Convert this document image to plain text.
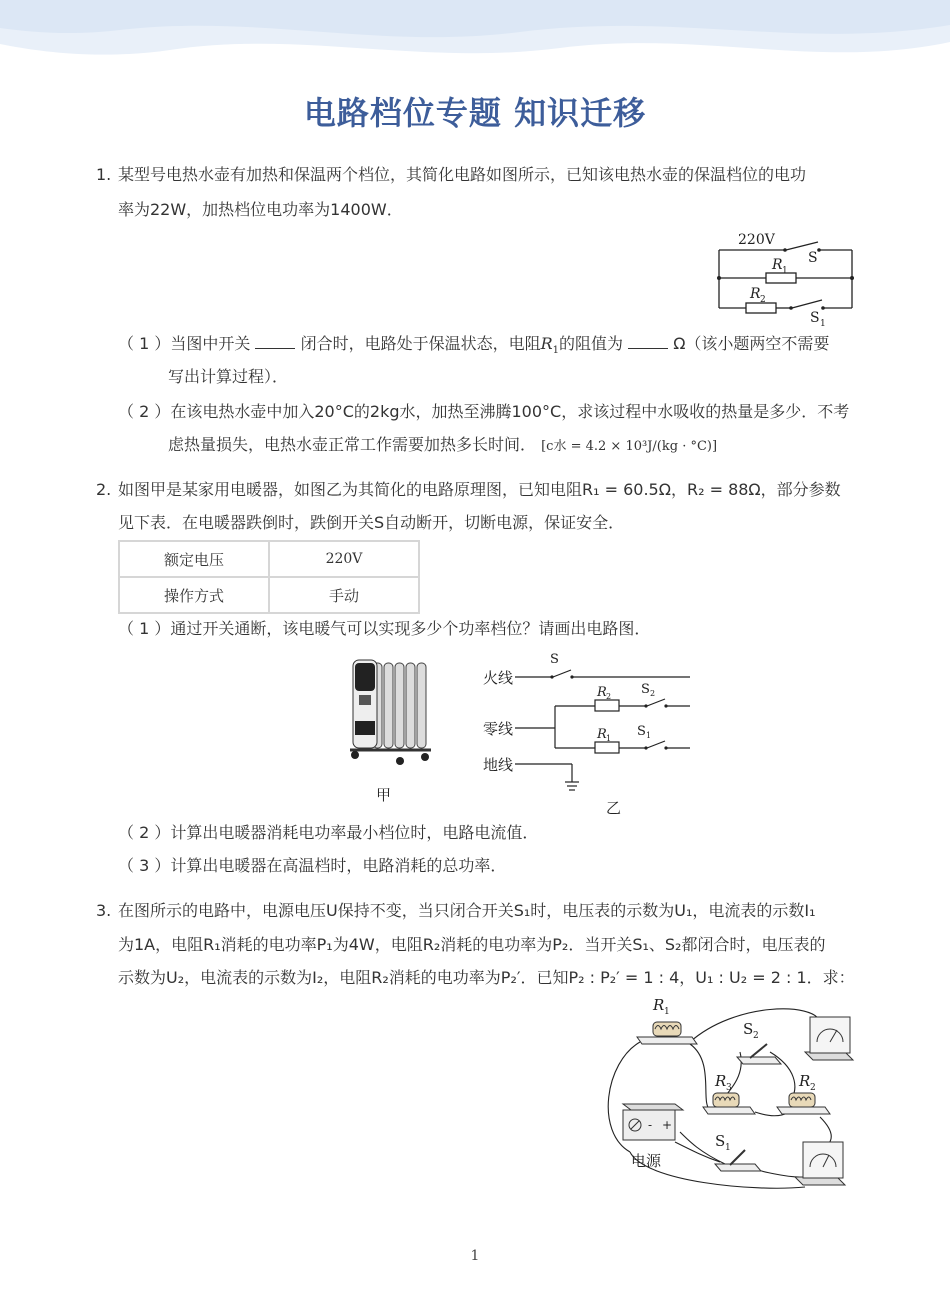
电路档位专题 知识迁移
1. 某型号电热水壶有加热和保温两个档位，其简化电路如图所示，已知该电热水壶的保温档位的电功
率为22W，加热档位电功率为1400W．
220V
S
R 1
R 2
S 1
（ 1 ）当图中开关	闭合时，电路处于保温状态，电阻$R_1$的阻值为	Ω（该小题两空不需要
写出计算过程）．
（ 2 ）在该电热水壶中加入20°C的2kg水，加热至沸腾100°C，求该过程中水吸收的热量是多少．不考
虑热量损失，电热水壶正常工作需要加热多长时间． [c水 = 4.2 × 10³J/(kg · °C)]
2. 如图甲是某家用电暖器，如图乙为其简化的电路原理图，已知电阻R₁ = 60.5Ω，R₂ = 88Ω，部分参数
见下表．在电暖器跌倒时，跌倒开关S自动断开，切断电源，保证安全．
额定电压	220V
操作方式	手动
（ 1 ）通过开关通断，该电暖气可以实现多少个功率档位？请画出电路图．
甲
火线
零线
地线
S
R 2 S 2
R 1 S 1
乙
（ 2 ）计算出电暖器消耗电功率最小档位时，电路电流值．
（ 3 ）计算出电暖器在高温档时，电路消耗的总功率．
3. 在图所示的电路中，电源电压U保持不变，当只闭合开关S₁时，电压表的示数为U₁，电流表的示数I₁
为1A，电阻R₁消耗的电功率P₁为4W，电阻R₂消耗的电功率为P₂．当开关S₁、S₂都闭合时，电压表的
示数为U₂，电流表的示数为I₂，电阻R₂消耗的电功率为P₂′．已知P₂ : P₂′ = 1 : 4，U₁ : U₂ = 2 : 1．求：
R 1
S 2
R 3	R 2
- +
电源
S 1
1
